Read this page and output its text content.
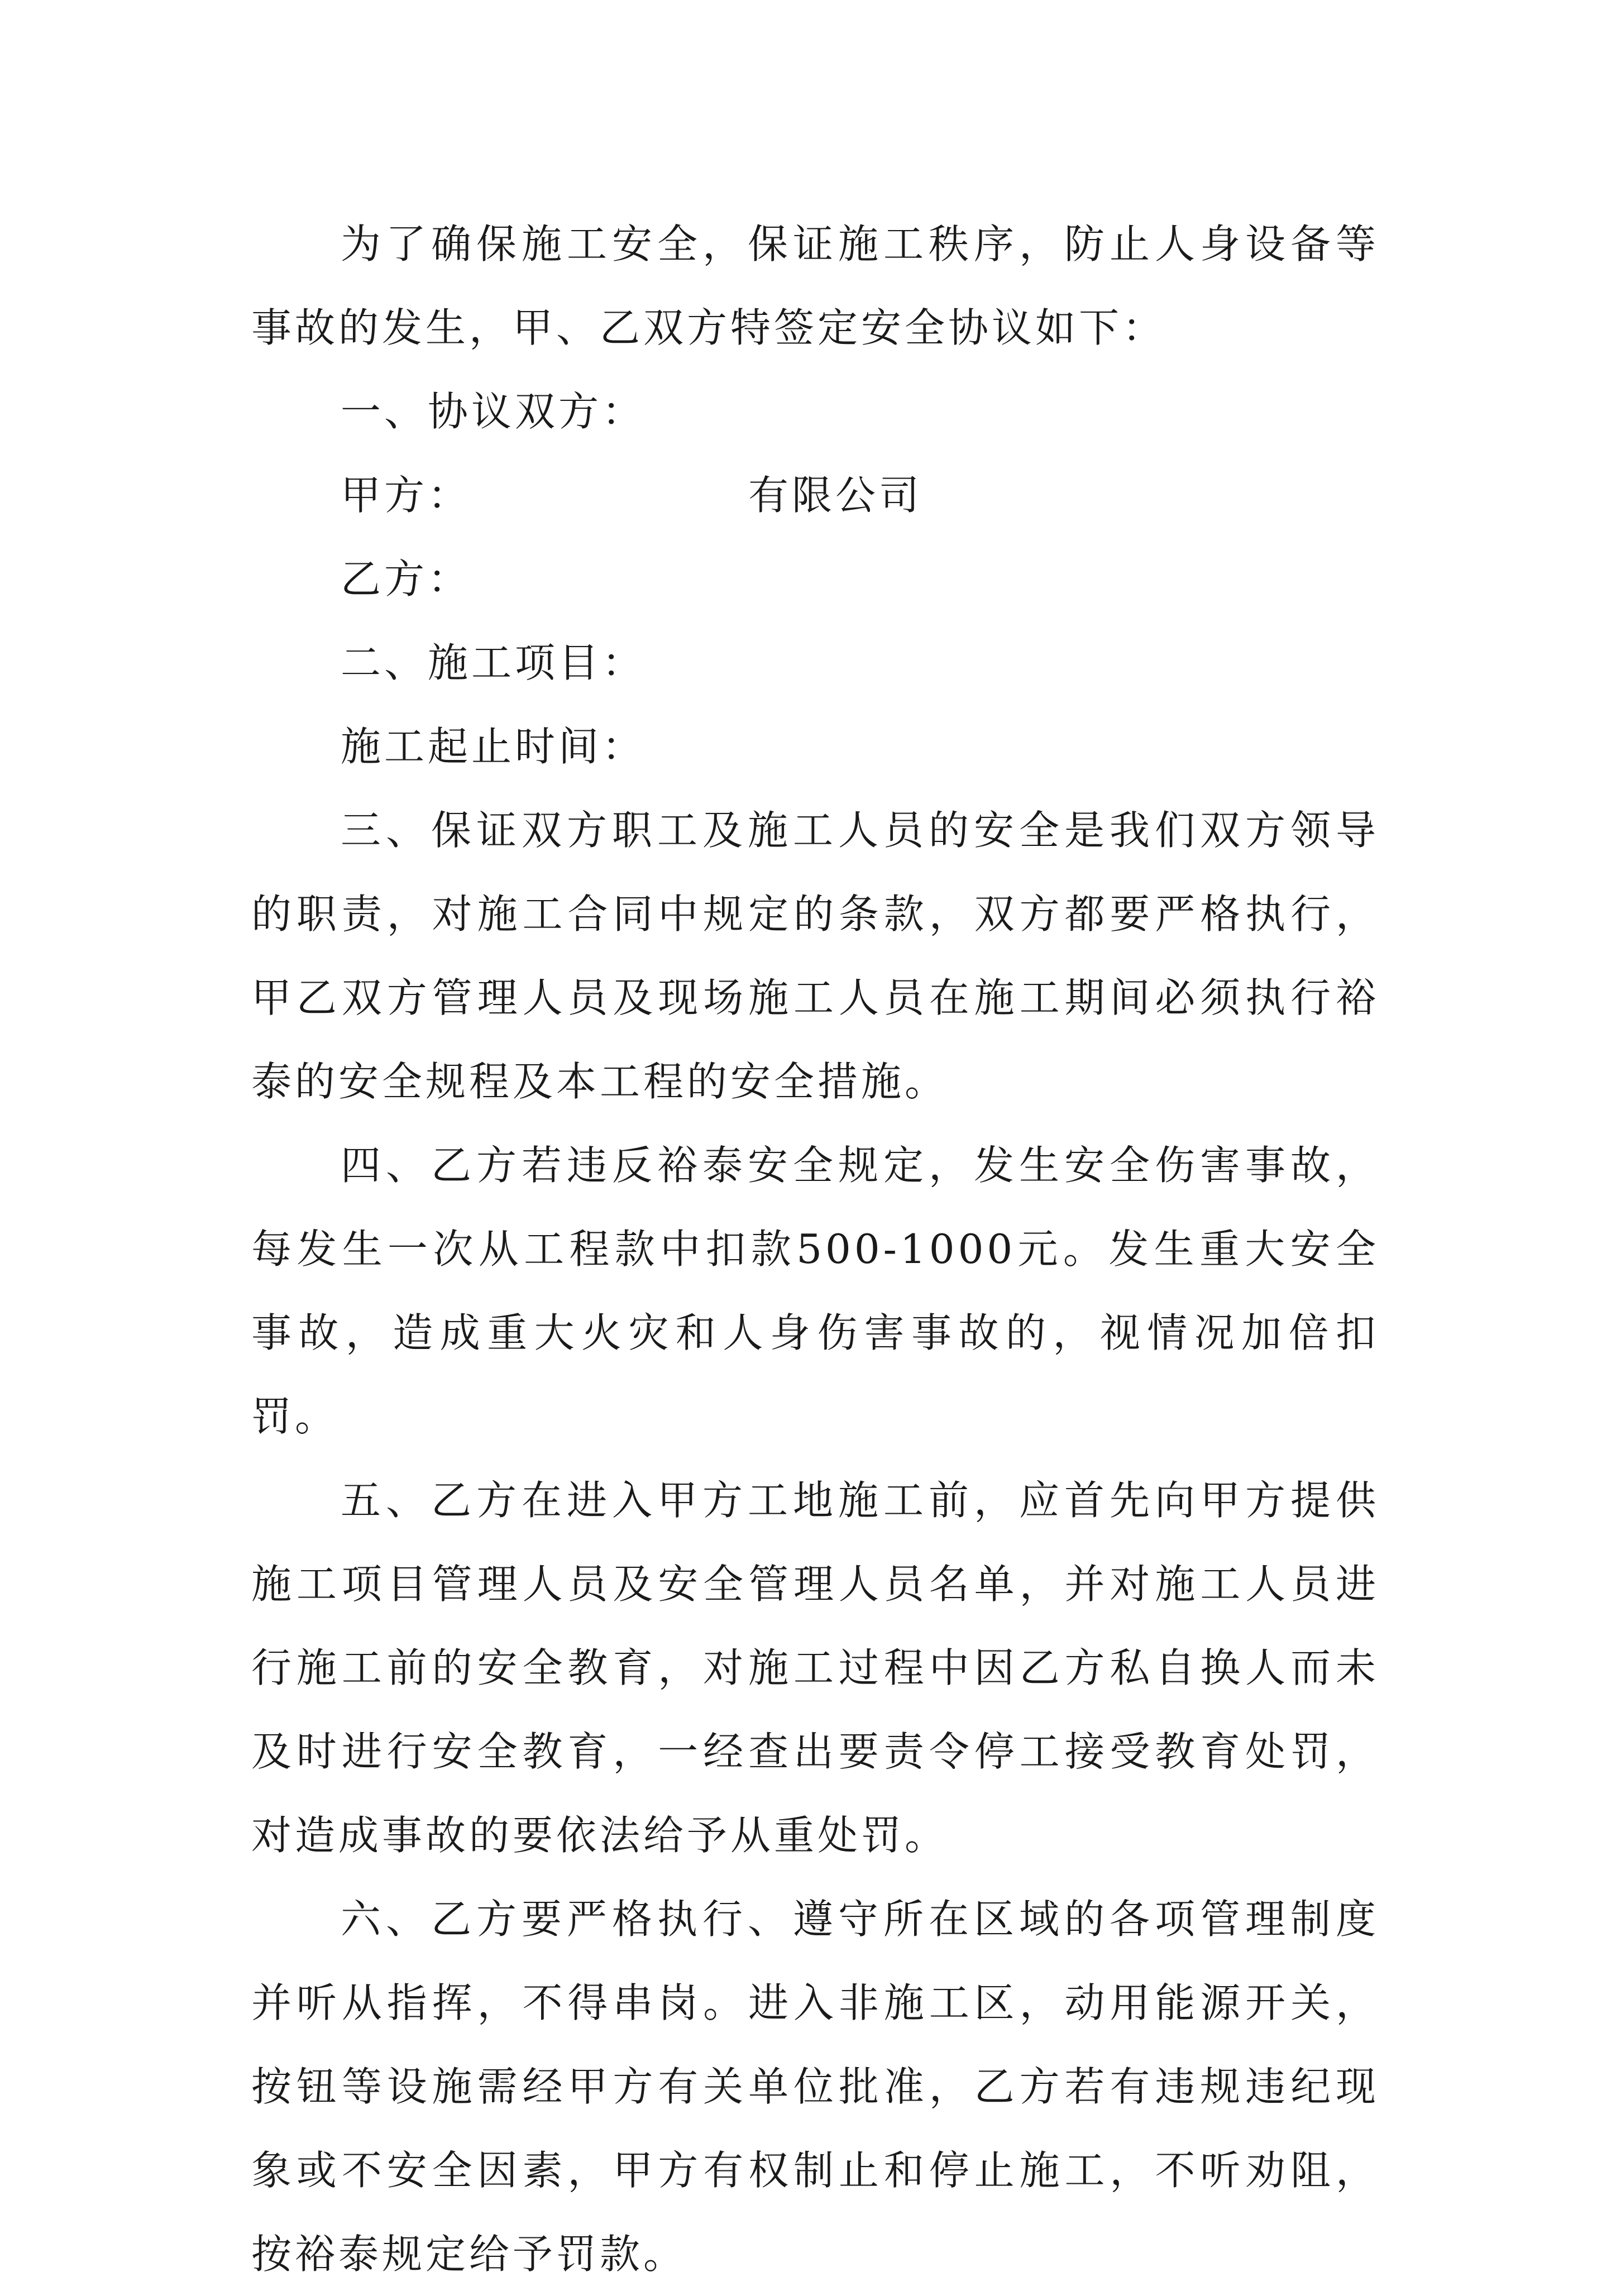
为了确保施工安全，保证施工秩序，防止人身设备等事故的发生，甲、乙双方特签定安全协议如下：

一、协议双方：

甲方：	有限公司

乙方：

二、施工项目：

施工起止时间：

三、保证双方职工及施工人员的安全是我们双方领导的职责，对施工合同中规定的条款，双方都要严格执行，甲乙双方管理人员及现场施工人员在施工期间必须执行裕泰的安全规程及本工程的安全措施。

四、乙方若违反裕泰安全规定，发生安全伤害事故，每发生一次从工程款中扣款500-1000元。发生重大安全事故，造成重大火灾和人身伤害事故的，视情况加倍扣罚。

五、乙方在进入甲方工地施工前，应首先向甲方提供施工项目管理人员及安全管理人员名单，并对施工人员进行施工前的安全教育，对施工过程中因乙方私自换人而未及时进行安全教育，一经查出要责令停工接受教育处罚，对造成事故的要依法给予从重处罚。

六、乙方要严格执行、遵守所在区域的各项管理制度并听从指挥，不得串岗。进入非施工区，动用能源开关，按钮等设施需经甲方有关单位批准，乙方若有违规违纪现象或不安全因素，甲方有权制止和停止施工，不听劝阻，按裕泰规定给予罚款。
